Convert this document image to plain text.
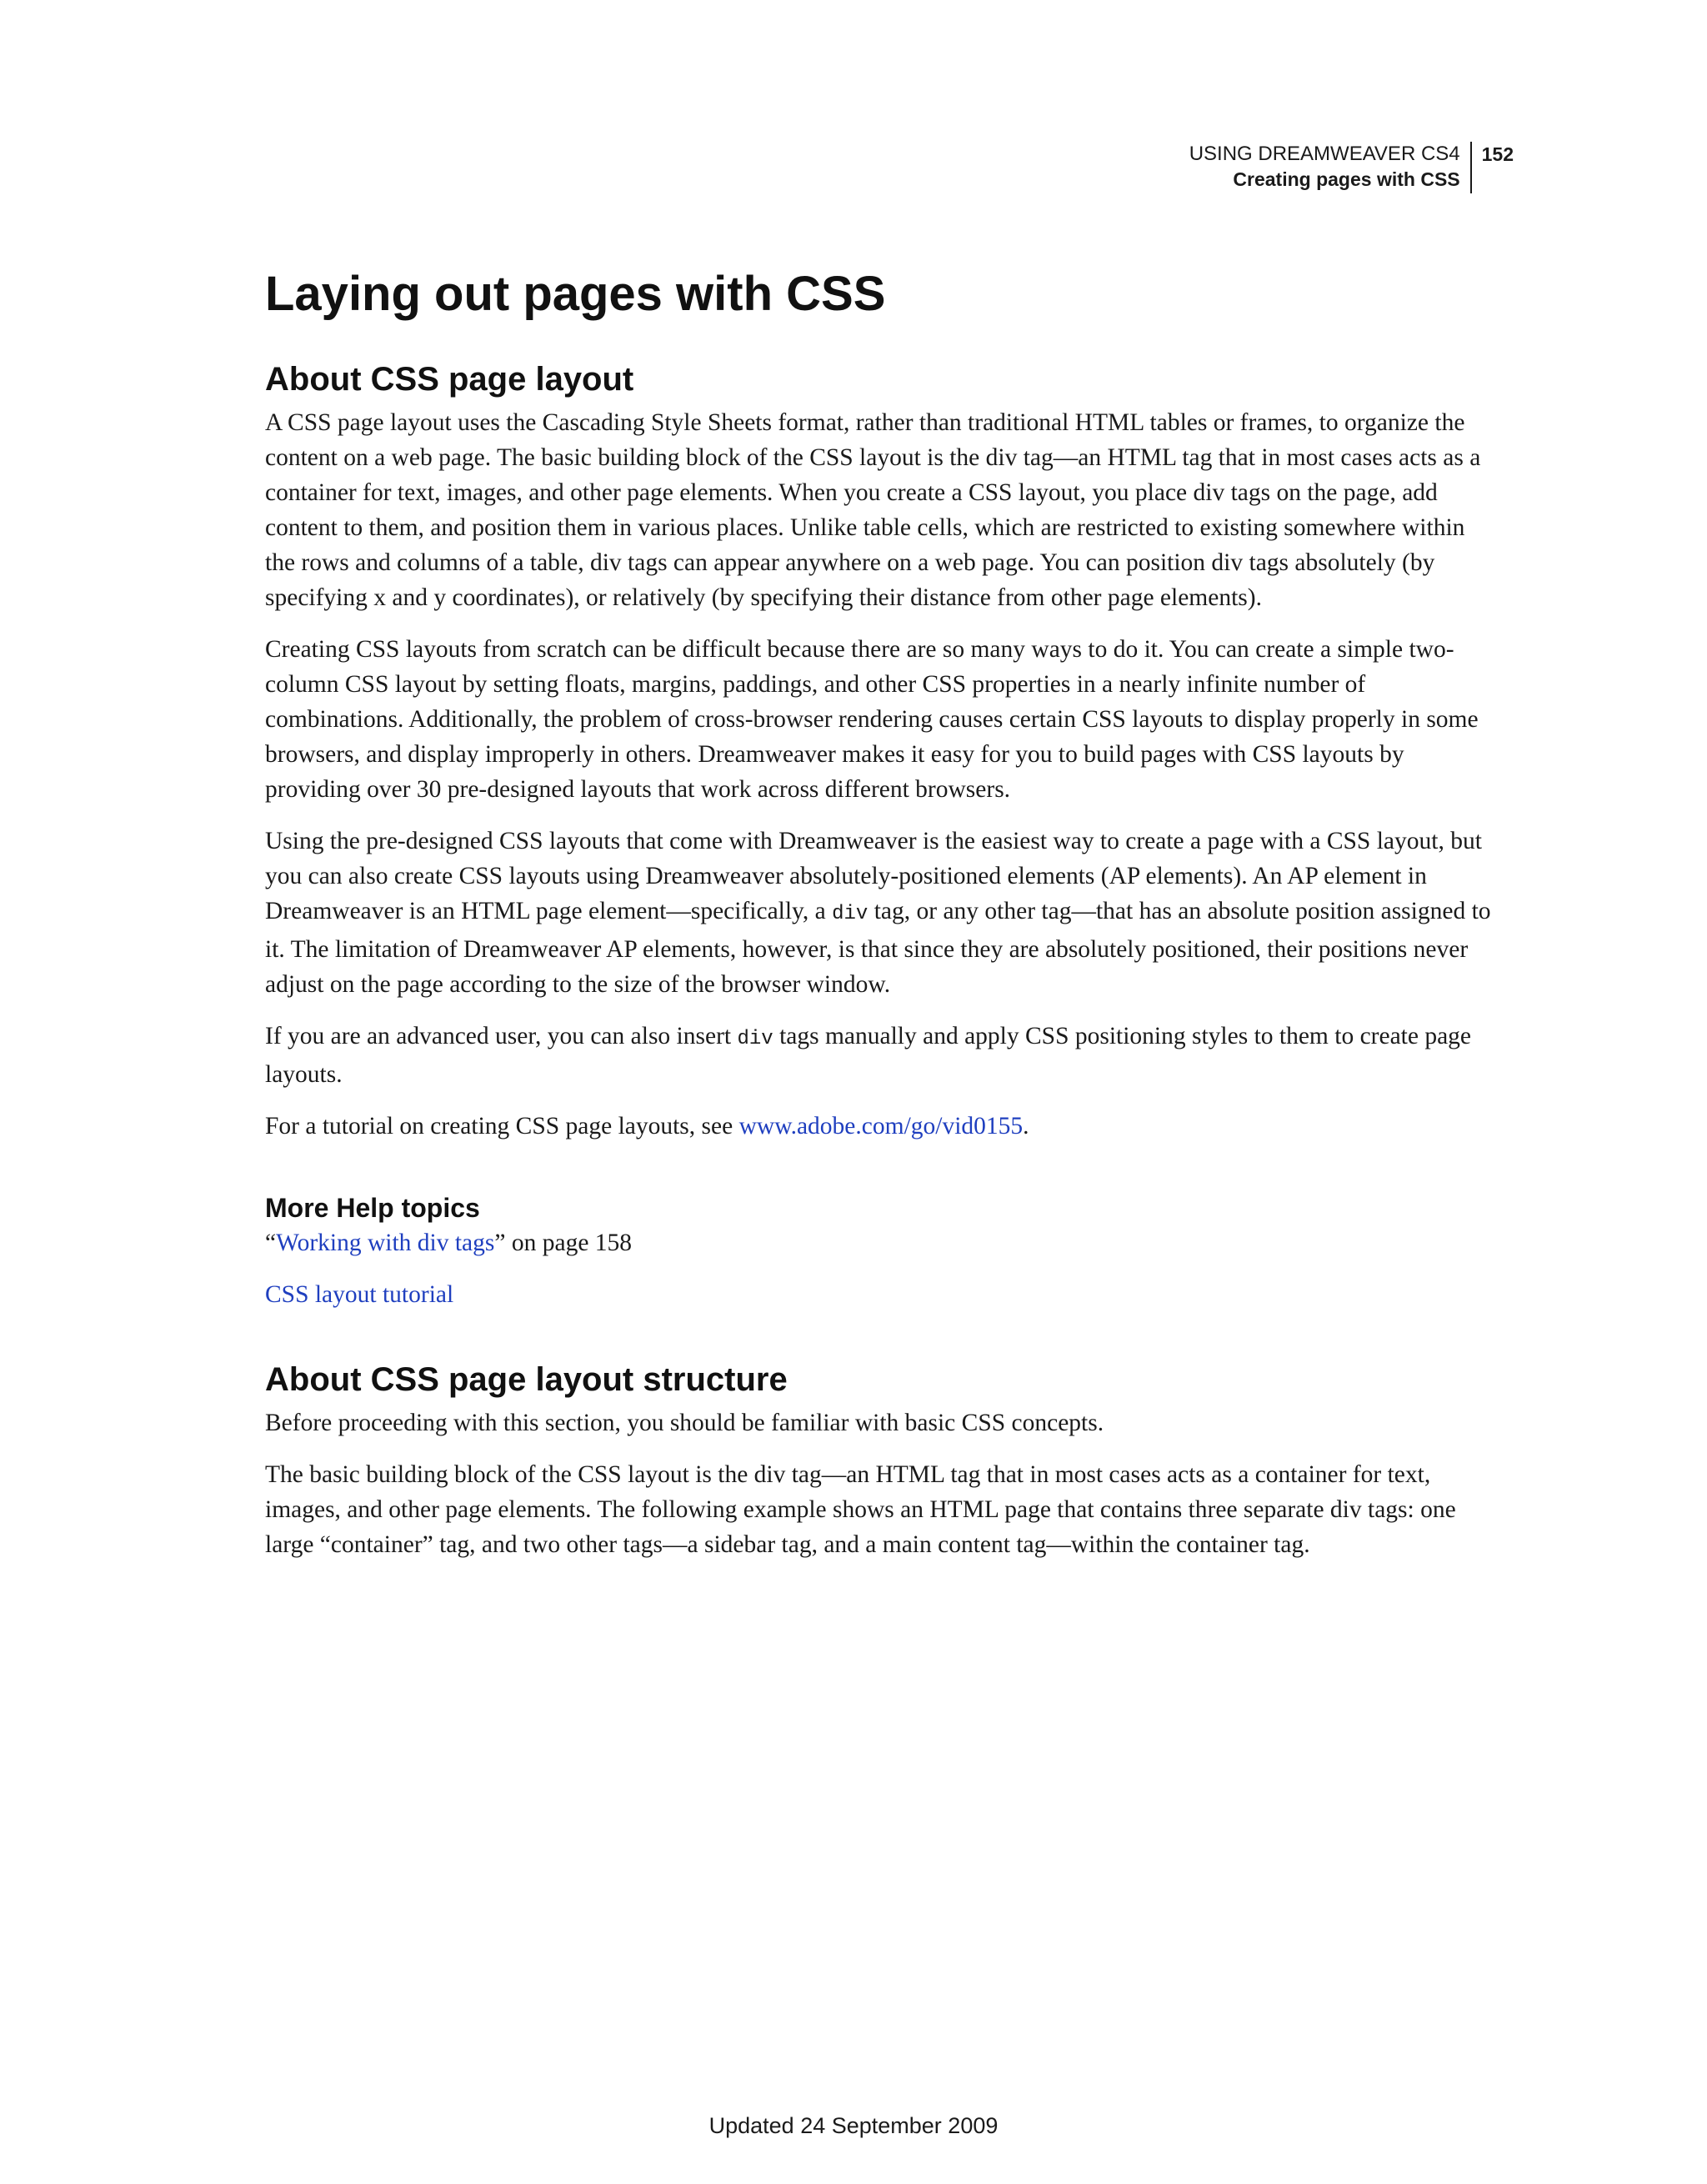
USING DREAMWEAVER CS4
Creating pages with CSS
152
Laying out pages with CSS
About CSS page layout

A CSS page layout uses the Cascading Style Sheets format, rather than traditional HTML tables or frames, to organize the content on a web page. The basic building block of the CSS layout is the div tag—an HTML tag that in most cases acts as a container for text, images, and other page elements. When you create a CSS layout, you place div tags on the page, add content to them, and position them in various places. Unlike table cells, which are restricted to existing somewhere within the rows and columns of a table, div tags can appear anywhere on a web page. You can position div tags absolutely (by specifying x and y coordinates), or relatively (by specifying their distance from other page elements).

Creating CSS layouts from scratch can be difficult because there are so many ways to do it. You can create a simple two-column CSS layout by setting floats, margins, paddings, and other CSS properties in a nearly infinite number of combinations. Additionally, the problem of cross-browser rendering causes certain CSS layouts to display properly in some browsers, and display improperly in others. Dreamweaver makes it easy for you to build pages with CSS layouts by providing over 30 pre-designed layouts that work across different browsers.

Using the pre-designed CSS layouts that come with Dreamweaver is the easiest way to create a page with a CSS layout, but you can also create CSS layouts using Dreamweaver absolutely-positioned elements (AP elements). An AP element in Dreamweaver is an HTML page element—specifically, a div tag, or any other tag—that has an absolute position assigned to it. The limitation of Dreamweaver AP elements, however, is that since they are absolutely positioned, their positions never adjust on the page according to the size of the browser window.

If you are an advanced user, you can also insert div tags manually and apply CSS positioning styles to them to create page layouts.

For a tutorial on creating CSS page layouts, see www.adobe.com/go/vid0155.

More Help topics

“Working with div tags” on page 158

CSS layout tutorial

About CSS page layout structure

Before proceeding with this section, you should be familiar with basic CSS concepts.

The basic building block of the CSS layout is the div tag—an HTML tag that in most cases acts as a container for text, images, and other page elements. The following example shows an HTML page that contains three separate div tags: one large “container” tag, and two other tags—a sidebar tag, and a main content tag—within the container tag.

Updated 24 September 2009
